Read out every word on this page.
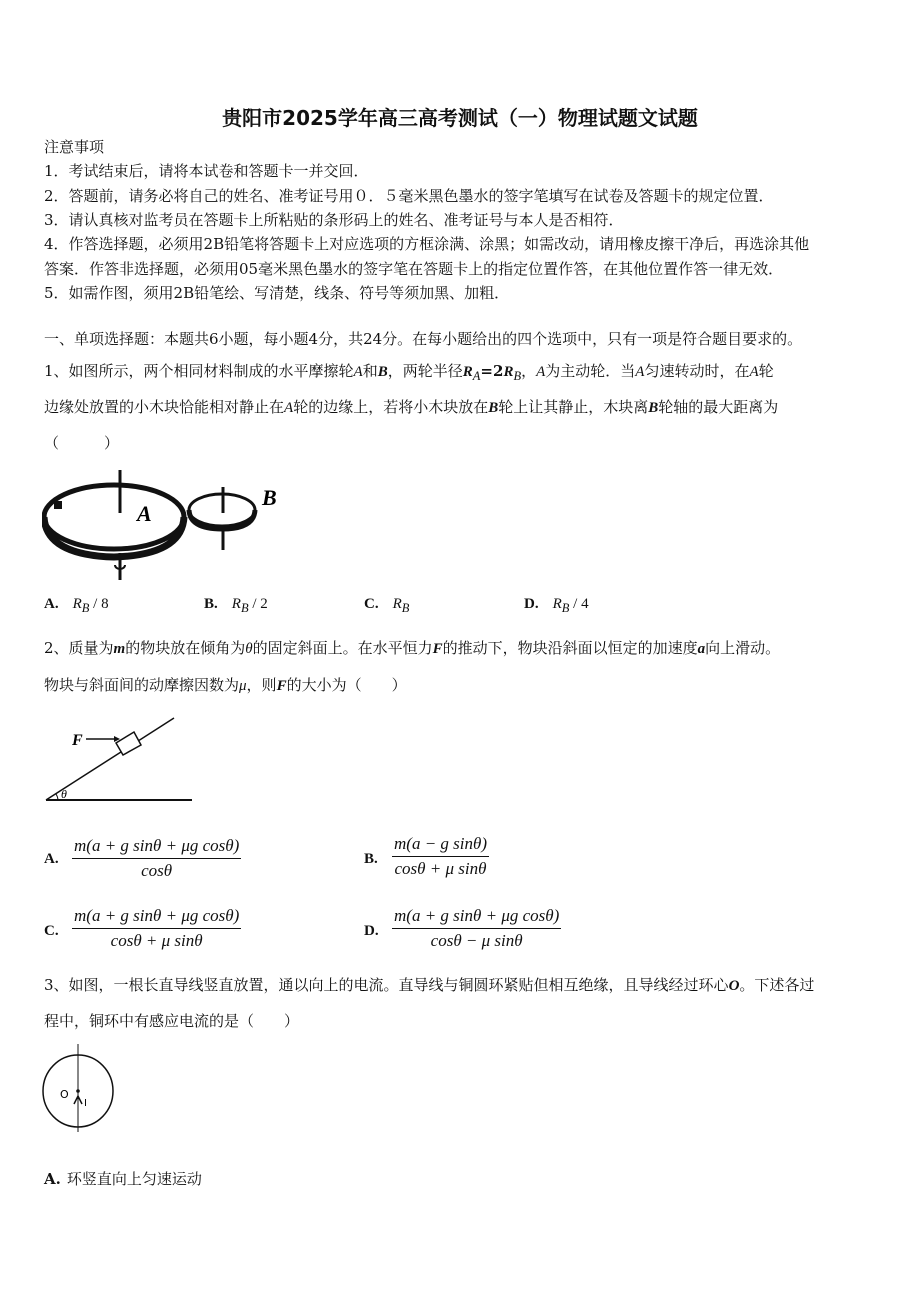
贵阳市2025学年高三高考测试（一）物理试题文试题
注意事项
1．考试结束后，请将本试卷和答题卡一并交回．
2．答题前，请务必将自己的姓名、准考证号用０．５毫米黑色墨水的签字笔填写在试卷及答题卡的规定位置．
3．请认真核对监考员在答题卡上所粘贴的条形码上的姓名、准考证号与本人是否相符．
4．作答选择题，必须用2B铅笔将答题卡上对应选项的方框涂满、涂黑；如需改动，请用橡皮擦干净后，再选涂其他
答案．作答非选择题，必须用05毫米黑色墨水的签字笔在答题卡上的指定位置作答，在其他位置作答一律无效．
5．如需作图，须用2B铅笔绘、写清楚，线条、符号等须加黑、加粗．
一、单项选择题：本题共6小题，每小题4分，共24分。在每小题给出的四个选项中，只有一项是符合题目要求的。
1、如图所示，两个相同材料制成的水平摩擦轮A和B，两轮半径$R_A=2R_B$，A为主动轮．当A匀速转动时，在A轮
边缘处放置的小木块恰能相对静止在A轮的边缘上，若将小木块放在B轮上让其静止，木块离B轮轴的最大距离为
（　　　）
A
B
A. $R_B / 8$	B. $R_B / 2$	C. $R_B$	D. $R_B / 4$
2、质量为m的物块放在倾角为θ的固定斜面上。在水平恒力F的推动下，物块沿斜面以恒定的加速度a向上滑动。
物块与斜面间的动摩擦因数为μ，则F的大小为（　　）
F
θ
A. $\frac{\text{m(a + g sinθ + μg cosθ)}}{\cos\theta}$	B. $\frac{\text{m(a − g sinθ)}}{\text{cosθ + μ sinθ}}$
C. $\frac{\text{m(a + g sinθ + μg cosθ)}}{\text{cosθ + μ sinθ}}$	D. $\frac{\text{m(a + g sinθ + μg cosθ)}}{\text{cosθ − μ sinθ}}$
3、如图，一根长直导线竖直放置，通以向上的电流。直导线与铜圆环紧贴但相互绝缘，且导线经过环心O。下述各过
程中，铜环中有感应电流的是（　　）
O
I
A. 环竖直向上匀速运动
